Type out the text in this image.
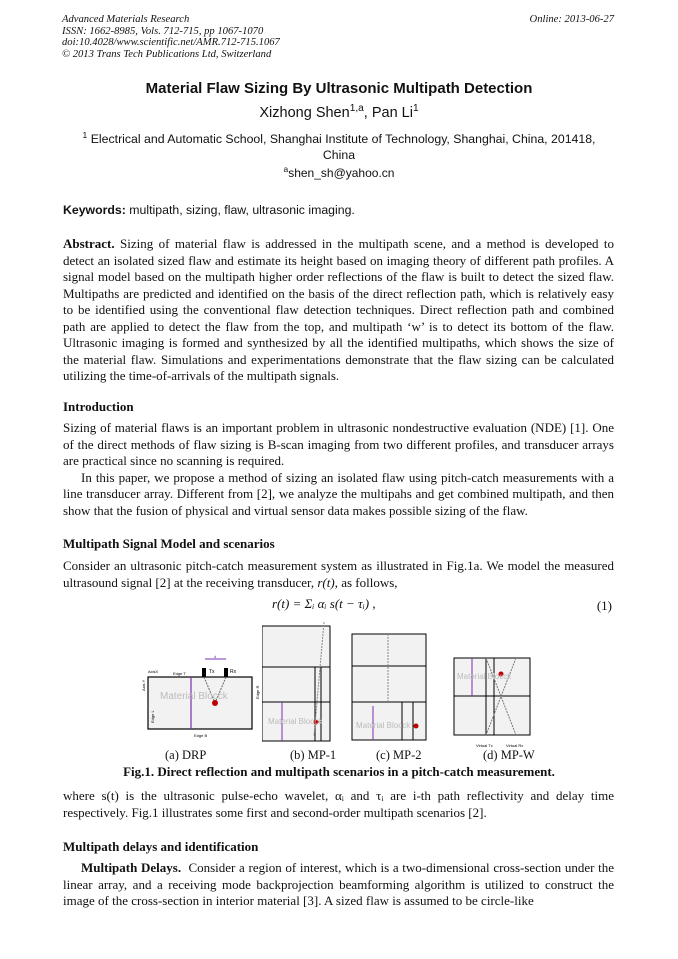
Advanced Materials Research
ISSN: 1662-8985, Vols. 712-715, pp 1067-1070
doi:10.4028/www.scientific.net/AMR.712-715.1067
© 2013 Trans Tech Publications Ltd, Switzerland
Online: 2013-06-27
Material Flaw Sizing By Ultrasonic Multipath Detection
Xizhong Shen$^{1,a}$, Pan Li$^1$
$^1$ Electrical and Automatic School, Shanghai Institute of Technology, Shanghai, China, 201418, China
$^a$shen_sh@yahoo.cn
Keywords: multipath, sizing, flaw, ultrasonic imaging.

Abstract. Sizing of material flaw is addressed in the multipath scene, and a method is developed to detect an isolated sized flaw and estimate its height based on imaging theory of different path profiles. A signal model based on the multipath higher order reflections of the flaw is built to detect the sized flaw. Multipaths are predicted and identified on the basis of the direct reflection path, which is relatively easy to be identified using the conventional flaw detection techniques. Direct reflection path and combined path are applied to detect the flaw from the top, and multipath ‘w’ is to detect its bottom of the flaw. Ultrasonic imaging is formed and synthesized by all the identified multipaths, which shows the size of the material flaw. Simulations and experimentations demonstrate that the flaw sizing can be calculated utilizing the time-of-arrivals of the multipath signals.

Introduction

Sizing of material flaws is an important problem in ultrasonic nondestructive evaluation (NDE) [1]. One of the direct methods of flaw sizing is B-scan imaging from two different profiles, and transducer arrays are practical since no scanning is required.

In this paper, we propose a method of sizing an isolated flaw using pitch-catch measurements with a line transducer array. Different from [2], we analyze the multipahs and get combined multipath, and then show that the fusion of physical and virtual sensor data makes possible sizing of the flaw.

Multipath Signal Model and scenarios

Consider an ultrasonic pitch-catch measurement system as illustrated in Fig.1a. We model the measured ultrasound signal [2] at the receiving transducer, r(t), as follows,

r(t) = Σᵢ αᵢ s(t − τᵢ) ,	(1)
Material Blocck
Tx	Rx
Edge T
Edge B
AxisX
d
Axis Y
Edge L
Edge R
Material Blocck	Material Blocck
Material Blocck
Virtual Tx	Virtual Rx
(a) DRP	(b) MP-1	(c) MP-2	(d) MP-W
Fig.1. Direct reflection and multipath scenarios in a pitch-catch measurement.
where s(t) is the ultrasonic pulse-echo wavelet, αᵢ and τᵢ are i-th path reflectivity and delay time respectively. Fig.1 illustrates some first and second-order multipath scenarios [2].
Multipath delays and identification

Multipath Delays. Consider a region of interest, which is a two-dimensional cross-section under the linear array, and a receiving mode backprojection beamforming algorithm is utilized to construct the image of the cross-section in interior material [3]. A sized flaw is assumed to be circle-like
